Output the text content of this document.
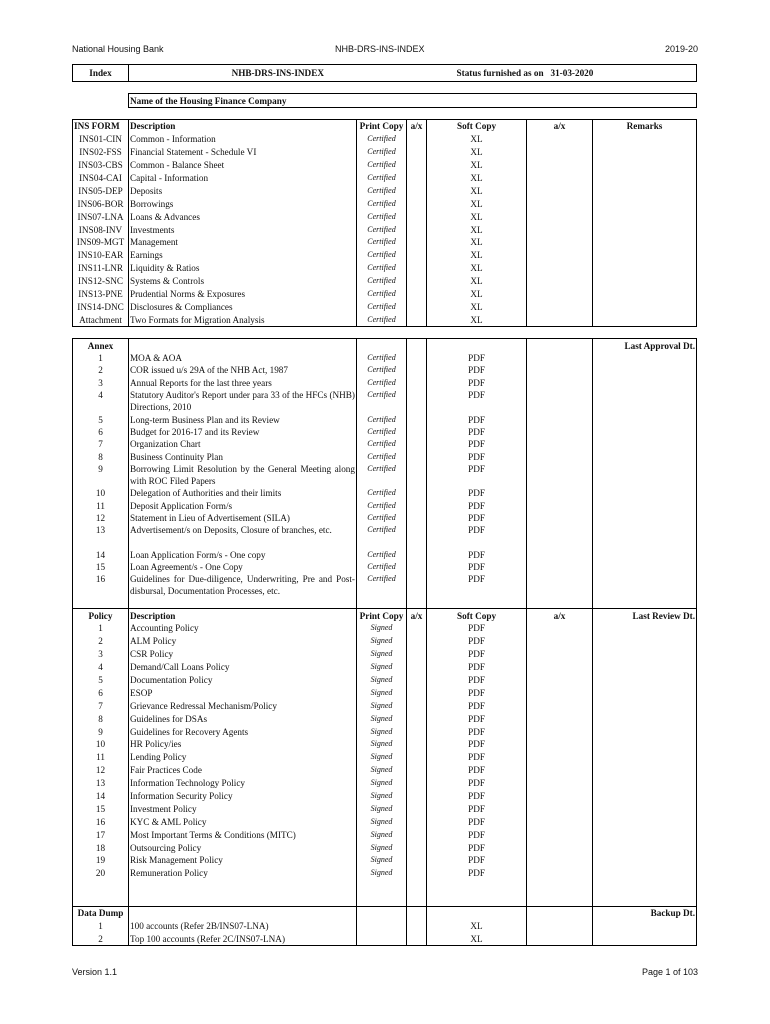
National Housing Bank	NHB-DRS-INS-INDEX	2019-20
Index	NHB-DRS-INS-INDEX			Status furnished as on 31-03-2020		

	Name of the Housing Finance Company					

INS FORM	Description	Print Copy	a/x	Soft Copy	a/x	Remarks
INS01-CIN	Common - Information	Certified		XL		
INS02-FSS	Financial Statement - Schedule VI	Certified		XL		
INS03-CBS	Common - Balance Sheet	Certified		XL		
INS04-CAI	Capital - Information	Certified		XL		
INS05-DEP	Deposits	Certified		XL		
INS06-BOR	Borrowings	Certified		XL		
INS07-LNA	Loans & Advances	Certified		XL		
INS08-INV	Investments	Certified		XL		
INS09-MGT	Management	Certified		XL		
INS10-EAR	Earnings	Certified		XL		
INS11-LNR	Liquidity & Ratios	Certified		XL		
INS12-SNC	Systems & Controls	Certified		XL		
INS13-PNE	Prudential Norms & Exposures	Certified		XL		
INS14-DNC	Disclosures & Compliances	Certified		XL		
Attachment	Two Formats for Migration Analysis	Certified		XL		

Annex						Last Approval Dt.
1	MOA & AOA	Certified		PDF		
2	COR issued u/s 29A of the NHB Act, 1987	Certified		PDF		
3	Annual Reports for the last three years	Certified		PDF		
4	Statutory Auditor's Report under para 33 of the HFCs (NHB) Directions, 2010	Certified		PDF		
5	Long-term Business Plan and its Review	Certified		PDF		
6	Budget for 2016-17 and its Review	Certified		PDF		
7	Organization Chart	Certified		PDF		
8	Business Continuity Plan	Certified		PDF		
9	Borrowing Limit Resolution by the General Meeting along with ROC Filed Papers	Certified		PDF		
10	Delegation of Authorities and their limits	Certified		PDF		
11	Deposit Application Form/s	Certified		PDF		
12	Statement in Lieu of Advertisement (SILA)	Certified		PDF		
13	Advertisement/s on Deposits, Closure of branches, etc.	Certified		PDF		
14	Loan Application Form/s - One copy	Certified		PDF		
15	Loan Agreement/s - One Copy	Certified		PDF		
16	Guidelines for Due-diligence, Underwriting, Pre and Post-disbursal, Documentation Processes, etc.	Certified		PDF		

Policy	Description	Print Copy	a/x	Soft Copy	a/x	Last Review Dt.
1	Accounting Policy	Signed		PDF		
2	ALM Policy	Signed		PDF		
3	CSR Policy	Signed		PDF		
4	Demand/Call Loans Policy	Signed		PDF		
5	Documentation Policy	Signed		PDF		
6	ESOP	Signed		PDF		
7	Grievance Redressal Mechanism/Policy	Signed		PDF		
8	Guidelines for DSAs	Signed		PDF		
9	Guidelines for Recovery Agents	Signed		PDF		
10	HR Policy/ies	Signed		PDF		
11	Lending Policy	Signed		PDF		
12	Fair Practices Code	Signed		PDF		
13	Information Technology Policy	Signed		PDF		
14	Information Security Policy	Signed		PDF		
15	Investment Policy	Signed		PDF		
16	KYC & AML Policy	Signed		PDF		
17	Most Important Terms & Conditions (MITC)	Signed		PDF		
18	Outsourcing Policy	Signed		PDF		
19	Risk Management Policy	Signed		PDF		
20	Remuneration Policy	Signed		PDF		

Data Dump						Backup Dt.
1	100 accounts (Refer 2B/INS07-LNA)			XL		
2	Top 100 accounts (Refer 2C/INS07-LNA)			XL		
Version 1.1	Page 1 of 103
